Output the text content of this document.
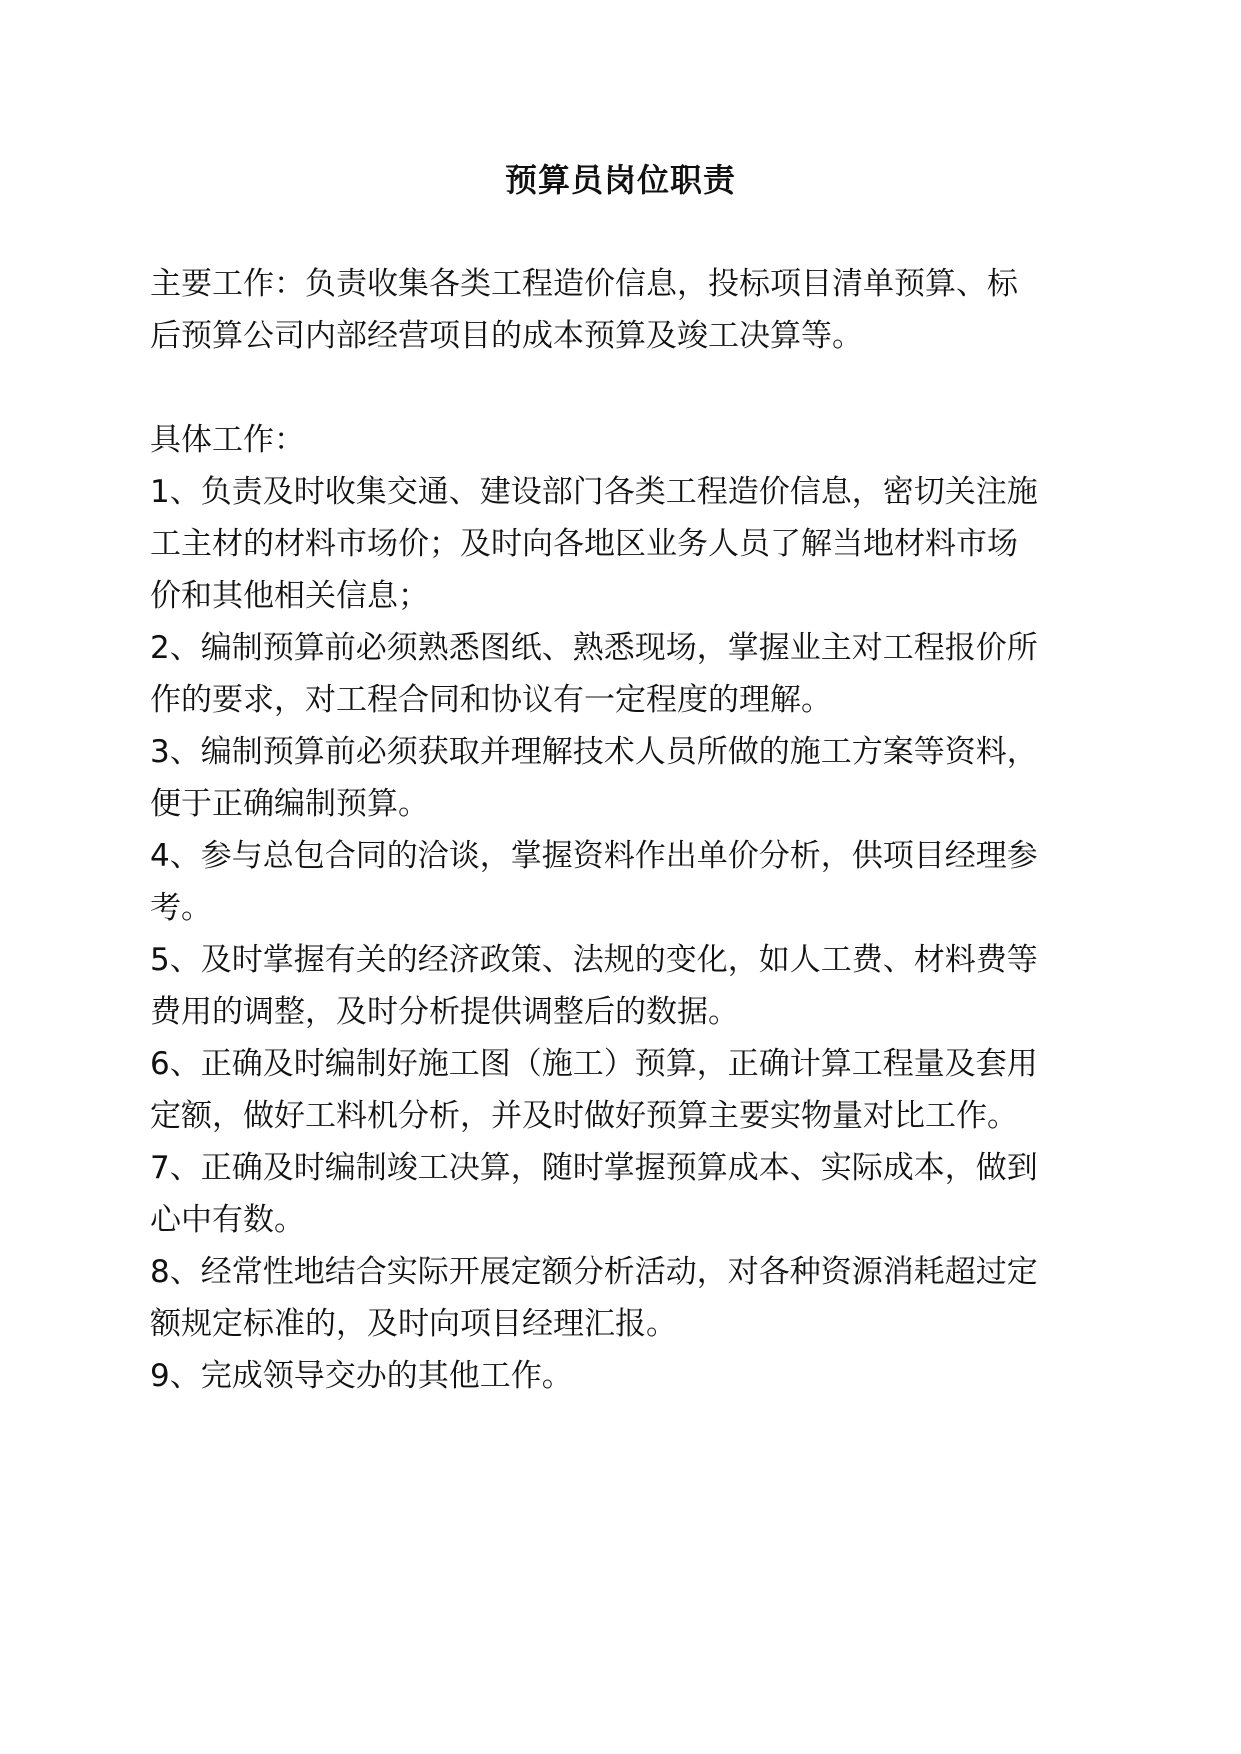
预算员岗位职责
主要工作：负责收集各类工程造价信息，投标项目清单预算、标
后预算公司内部经营项目的成本预算及竣工决算等。

具体工作：

1、负责及时收集交通、建设部门各类工程造价信息，密切关注施
工主材的材料市场价；及时向各地区业务人员了解当地材料市场
价和其他相关信息；

2、编制预算前必须熟悉图纸、熟悉现场，掌握业主对工程报价所
作的要求，对工程合同和协议有一定程度的理解。

3、编制预算前必须获取并理解技术人员所做的施工方案等资料，
便于正确编制预算。

4、参与总包合同的洽谈，掌握资料作出单价分析，供项目经理参
考。

5、及时掌握有关的经济政策、法规的变化，如人工费、材料费等
费用的调整，及时分析提供调整后的数据。

6、正确及时编制好施工图（施工）预算，正确计算工程量及套用
定额，做好工料机分析，并及时做好预算主要实物量对比工作。

7、正确及时编制竣工决算，随时掌握预算成本、实际成本，做到
心中有数。

8、经常性地结合实际开展定额分析活动，对各种资源消耗超过定
额规定标准的，及时向项目经理汇报。

9、完成领导交办的其他工作。
